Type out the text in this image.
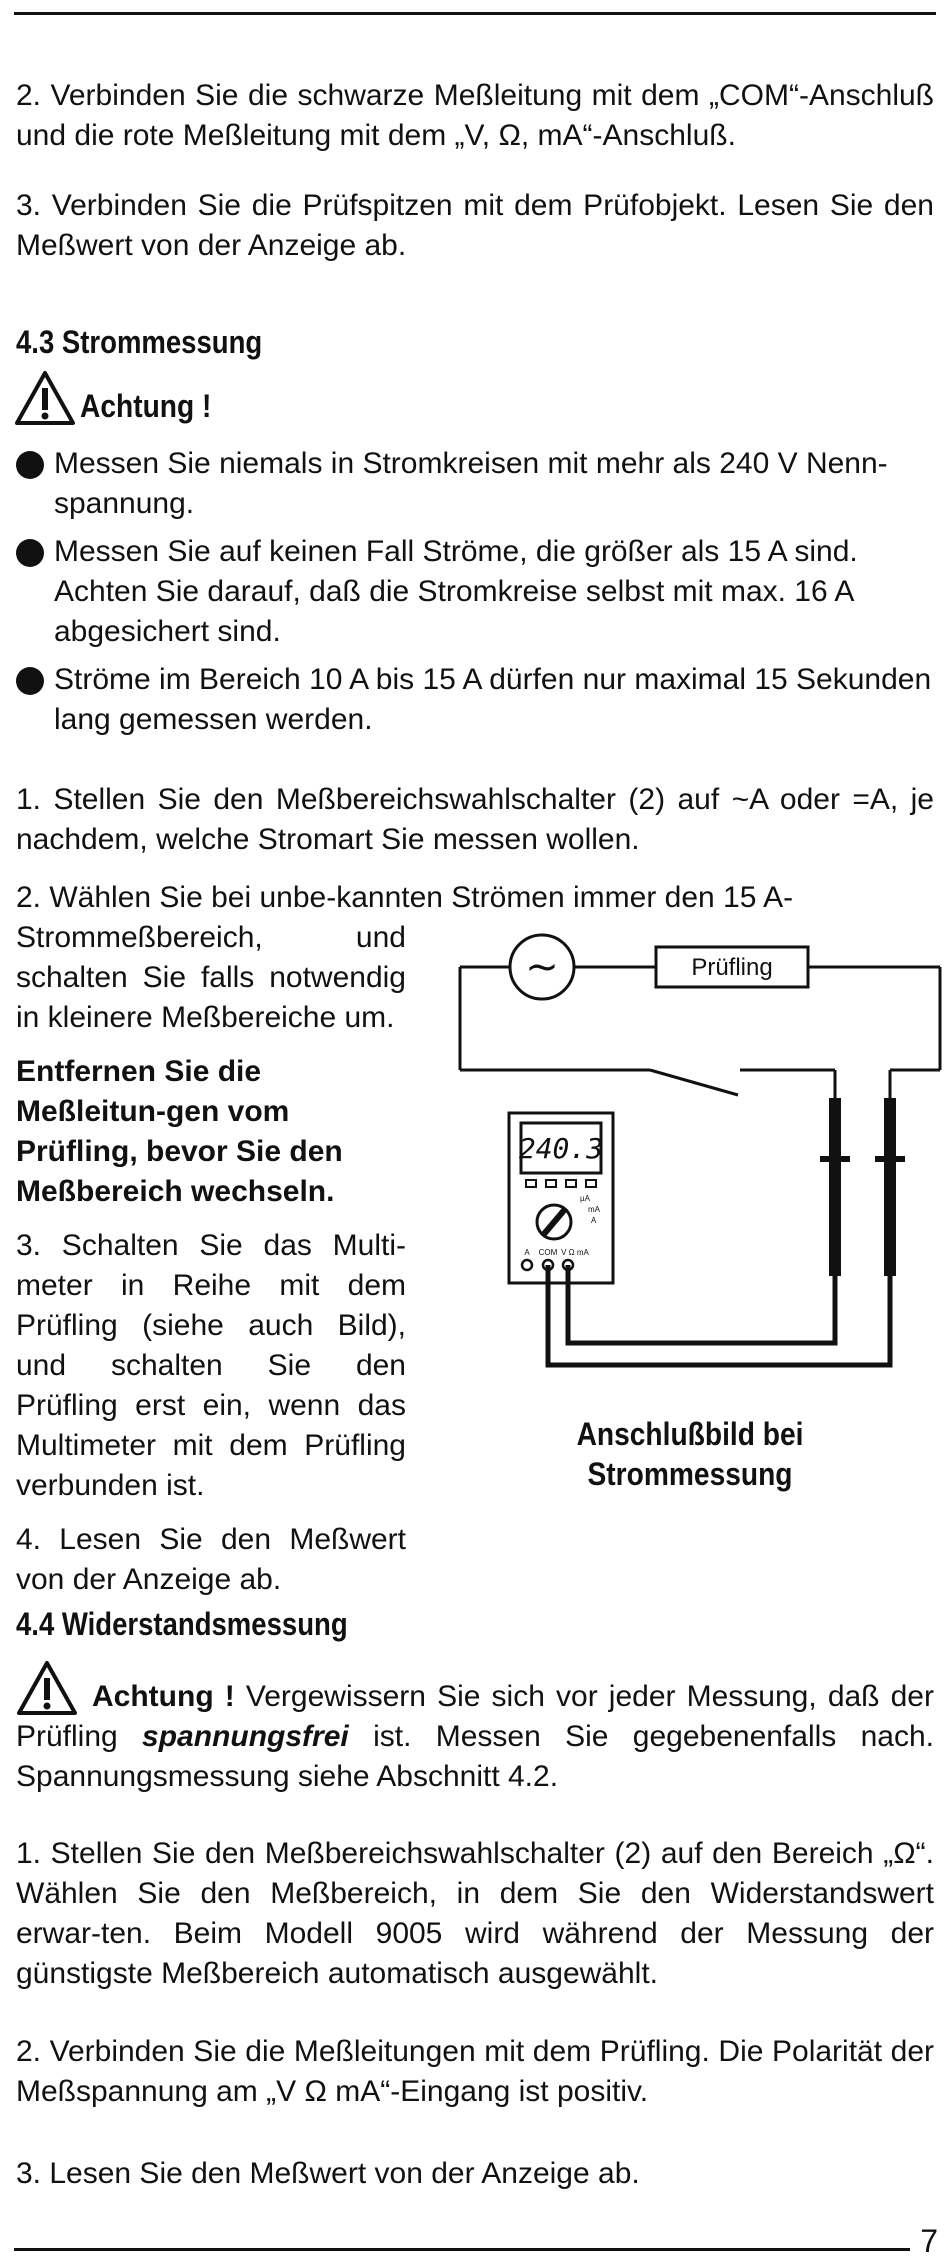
2. Verbinden Sie die schwarze Meßleitung mit dem „COM“-Anschluß und die rote Meßleitung mit dem „V, Ω, mA“-Anschluß.

3. Verbinden Sie die Prüfspitzen mit dem Prüfobjekt. Lesen Sie den Meßwert von der Anzeige ab.

4.3 Strommessung
Achtung !
Messen Sie niemals in Stromkreisen mit mehr als 240 V Nenn-spannung.
Messen Sie auf keinen Fall Ströme, die größer als 15 A sind. Achten Sie darauf, daß die Stromkreise selbst mit max. 16 A abgesichert sind.
Ströme im Bereich 10 A bis 15 A dürfen nur maximal 15 Sekunden lang gemessen werden.

1. Stellen Sie den Meßbereichswahlschalter (2) auf ~A oder =A, je nachdem, welche Stromart Sie messen wollen.

2. Wählen Sie bei unbe-kannten Strömen immer den 15 A-

Strommeßbereich, und schalten Sie falls notwendig in kleinere Meßbereiche um.

Entfernen Sie die Meßleitun-gen vom Prüfling, bevor Sie den Meßbereich wechseln.

3. Schalten Sie das Multi-meter in Reihe mit dem Prüfling (siehe auch Bild), und schalten Sie den Prüfling erst ein, wenn das Multimeter mit dem Prüfling verbunden ist.

4. Lesen Sie den Meßwert von der Anzeige ab.

~	Prüfling
240.3
µA
mA
A
A COM V Ω mA
Anschlußbild bei Strommessung
4.4 Widerstandsmessung

Achtung ! Vergewissern Sie sich vor jeder Messung, daß der Prüfling spannungsfrei ist. Messen Sie gegebenenfalls nach. Spannungsmessung siehe Abschnitt 4.2.

1. Stellen Sie den Meßbereichswahlschalter (2) auf den Bereich „Ω“. Wählen Sie den Meßbereich, in dem Sie den Widerstandswert erwar-ten. Beim Modell 9005 wird während der Messung der günstigste Meßbereich automatisch ausgewählt.

2. Verbinden Sie die Meßleitungen mit dem Prüfling. Die Polarität der Meßspannung am „V Ω mA“-Eingang ist positiv.

3. Lesen Sie den Meßwert von der Anzeige ab.

7
